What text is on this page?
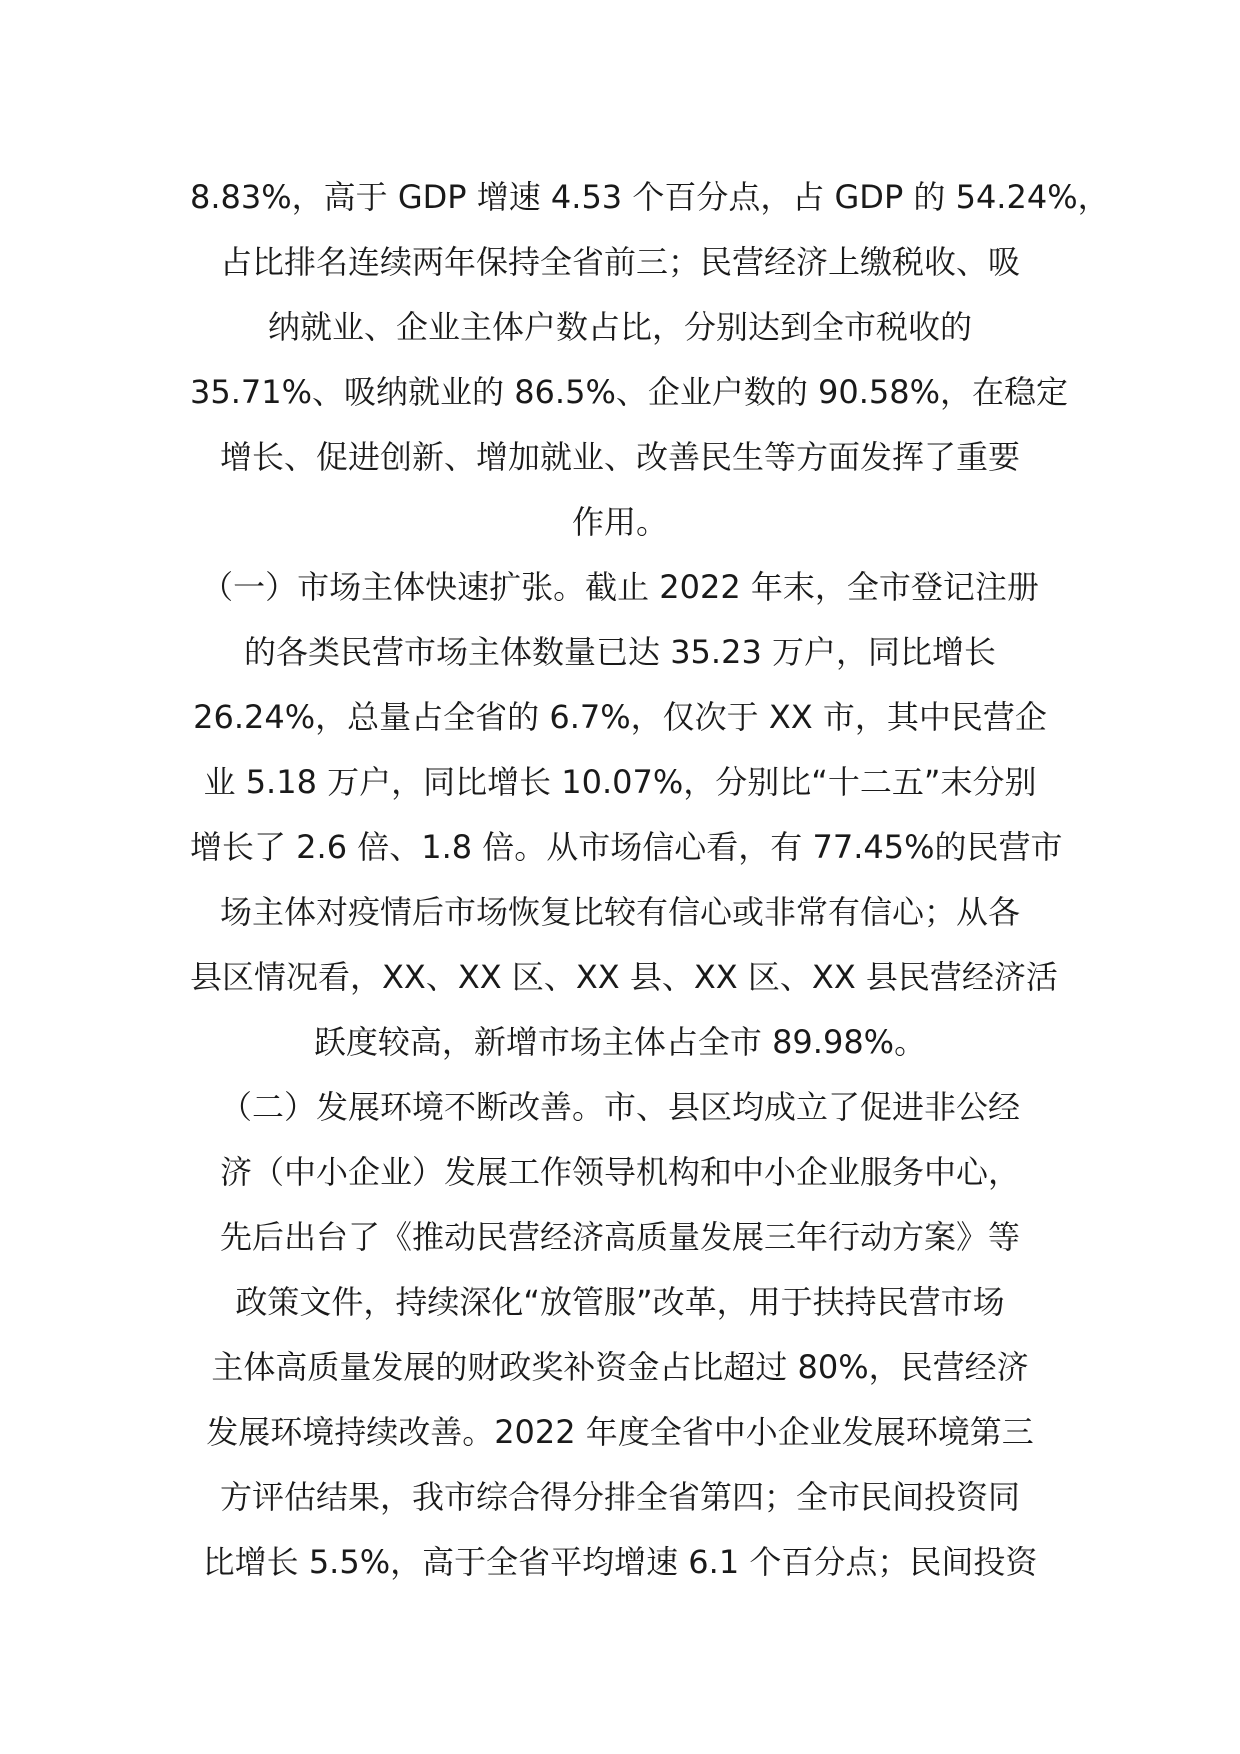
8.83%，高于 GDP 增速 4.53 个百分点，占 GDP 的 54.24%，
占比排名连续两年保持全省前三；民营经济上缴税收、吸
纳就业、企业主体户数占比，分别达到全市税收的
35.71%、吸纳就业的 86.5%、企业户数的 90.58%，在稳定
增长、促进创新、增加就业、改善民生等方面发挥了重要
作用。
（一）市场主体快速扩张。截止 2022 年末，全市登记注册
的各类民营市场主体数量已达 35.23 万户，同比增长
26.24%，总量占全省的 6.7%，仅次于 XX 市，其中民营企
业 5.18 万户，同比增长 10.07%，分别比“十二五”末分别
增长了 2.6 倍、1.8 倍。从市场信心看，有 77.45%的民营市
场主体对疫情后市场恢复比较有信心或非常有信心；从各
县区情况看，XX、XX 区、XX 县、XX 区、XX 县民营经济活
跃度较高，新增市场主体占全市 89.98%。
（二）发展环境不断改善。市、县区均成立了促进非公经
济（中小企业）发展工作领导机构和中小企业服务中心，
先后出台了《推动民营经济高质量发展三年行动方案》等
政策文件，持续深化“放管服”改革，用于扶持民营市场
主体高质量发展的财政奖补资金占比超过 80%，民营经济
发展环境持续改善。2022 年度全省中小企业发展环境第三
方评估结果，我市综合得分排全省第四；全市民间投资同
比增长 5.5%，高于全省平均增速 6.1 个百分点；民间投资
